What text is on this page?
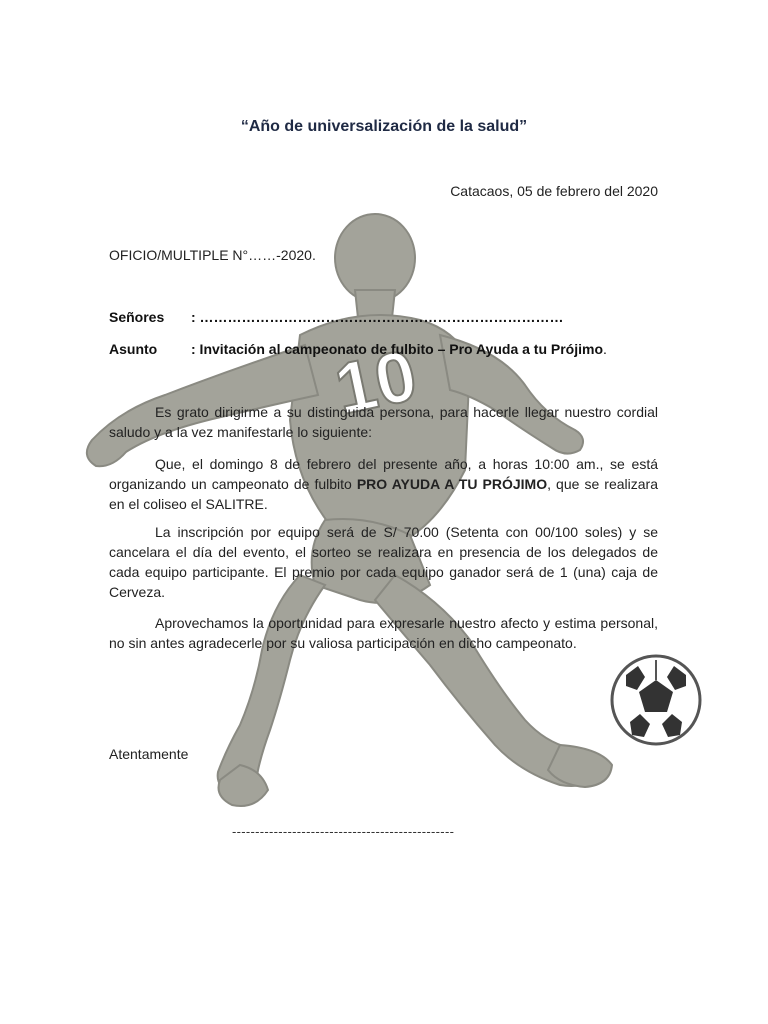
10
“Año de universalización de la salud”
Catacaos, 05 de febrero del 2020
OFICIO/MULTIPLE N°……-2020.
Señores : ……………………………………………………………………
Asunto : Invitación al campeonato de fulbito – Pro Ayuda a tu Prójimo.

Es grato dirigirme a su distinguida persona, para hacerle llegar nuestro cordial saludo y a la vez manifestarle lo siguiente:

Que, el domingo 8 de febrero del presente año, a horas 10:00 am., se está organizando un campeonato de fulbito PRO AYUDA A TU PRÓJIMO, que se realizara en el coliseo el SALITRE.

La inscripción por equipo será de S/ 70.00 (Setenta con 00/100 soles) y se cancelara el día del evento, el sorteo se realizara en presencia de los delegados de cada equipo participante. El premio por cada equipo ganador será de 1 (una) caja de Cerveza.

Aprovechamos la oportunidad para expresarle nuestro afecto y estima personal, no sin antes agradecerle por su valiosa participación en dicho campeonato.

Atentamente
------------------------------------------------
